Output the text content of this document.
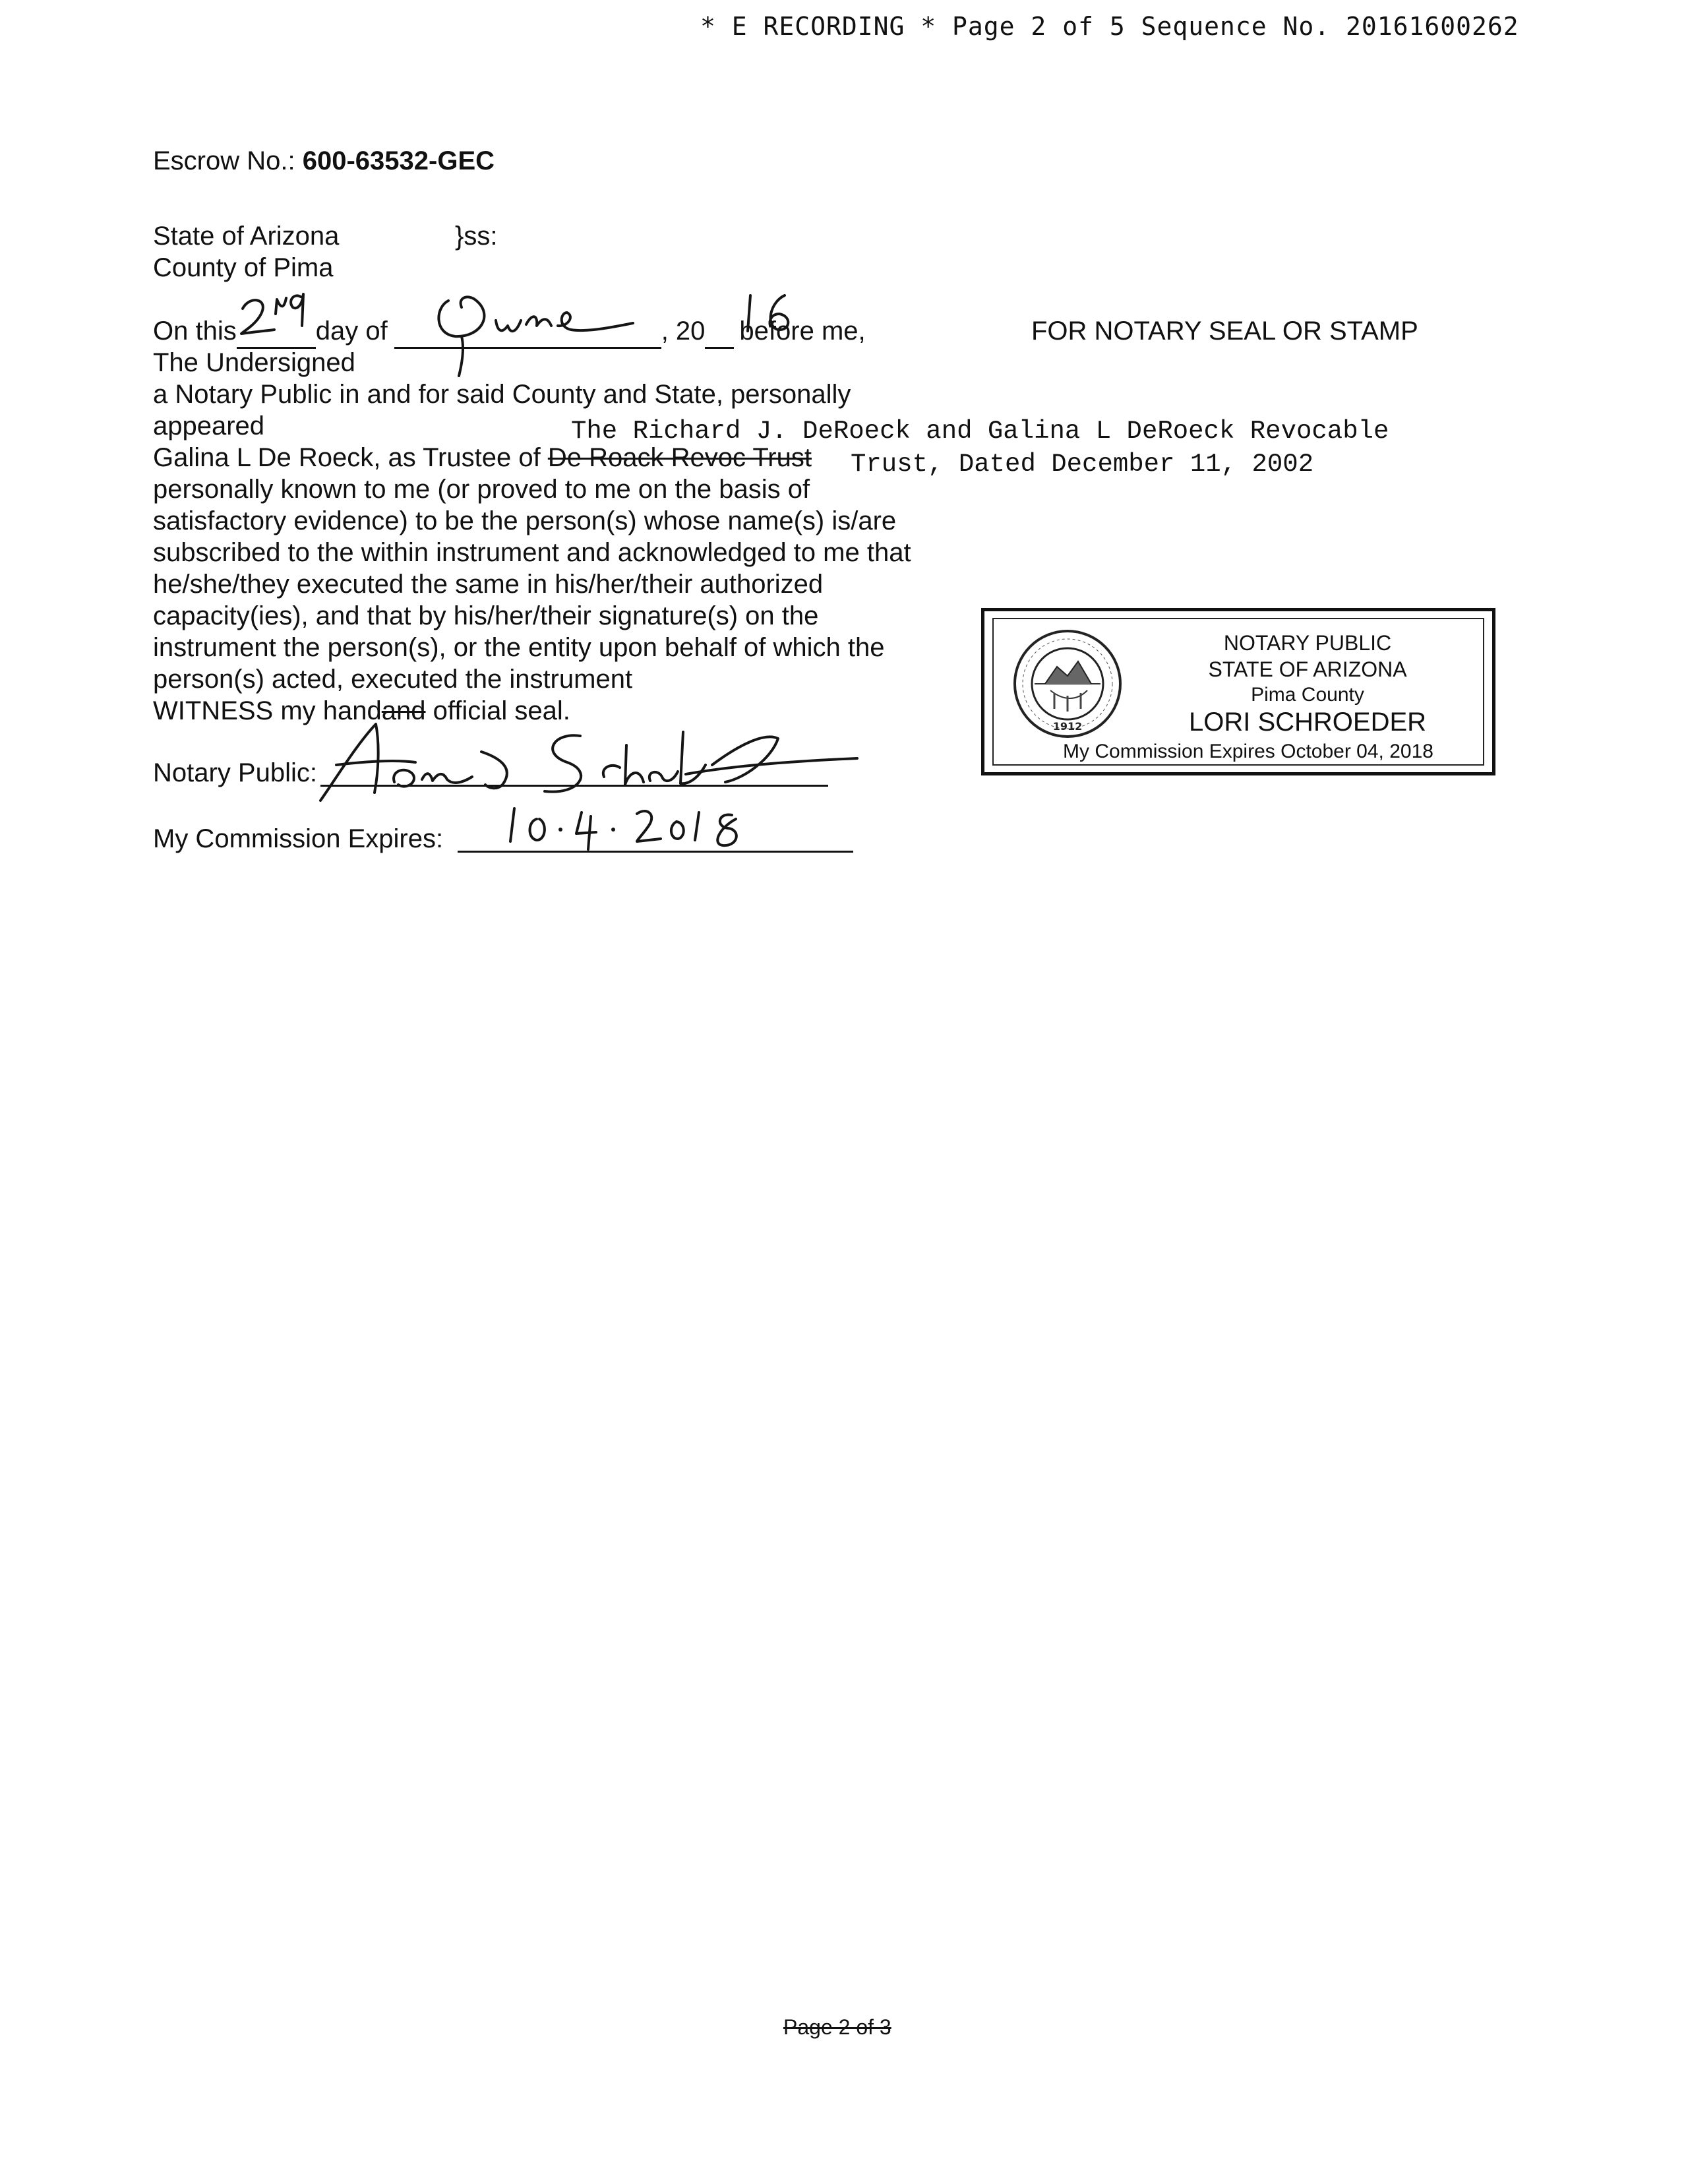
* E RECORDING * Page 2 of 5 Sequence No. 20161600262
Escrow No.: 600-63532-GEC
State of Arizona	}ss:
County of Pima
On this	day of	, 20 before me,	FOR NOTARY SEAL OR STAMP
The Undersigned
a Notary Public in and for said County and State, personally
appeared	The Richard J. DeRoeck and Galina L DeRoeck Revocable
Trust, Dated December 11, 2002
Galina L De Roeck, as Trustee of De Roack Revoc Trust
personally known to me (or proved to me on the basis of
satisfactory evidence) to be the person(s) whose name(s) is/are
subscribed to the within instrument and acknowledged to me that
he/she/they executed the same in his/her/their authorized
capacity(ies), and that by his/her/their signature(s) on the
instrument the person(s), or the entity upon behalf of which the
person(s) acted, executed the instrument
WITNESS my handand official seal.
Notary Public:
My Commission Expires:
1912
NOTARY PUBLIC
STATE OF ARIZONA
Pima County
LORI SCHROEDER
My Commission Expires October 04, 2018
Page 2 of 3
